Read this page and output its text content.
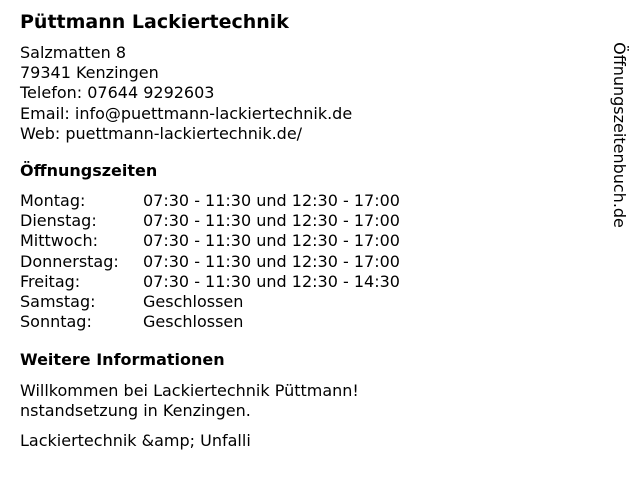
Püttmann Lackiertechnik
Salzmatten 8
79341 Kenzingen
Telefon: 07644 9292603
Email: info@puettmann-lackiertechnik.de
Web: puettmann-lackiertechnik.de/
Öffnungszeiten
Montag:	07:30 - 11:30 und 12:30 - 17:00
Dienstag:	07:30 - 11:30 und 12:30 - 17:00
Mittwoch:	07:30 - 11:30 und 12:30 - 17:00
Donnerstag:	07:30 - 11:30 und 12:30 - 17:00
Freitag:	07:30 - 11:30 und 12:30 - 14:30
Samstag:	Geschlossen
Sonntag:	Geschlossen
Weitere Informationen
Willkommen bei Lackiertechnik Püttmann!
nstandsetzung in Kenzingen.
Lackiertechnik &amp; Unfalli
Öffnungszeitenbuch.de
